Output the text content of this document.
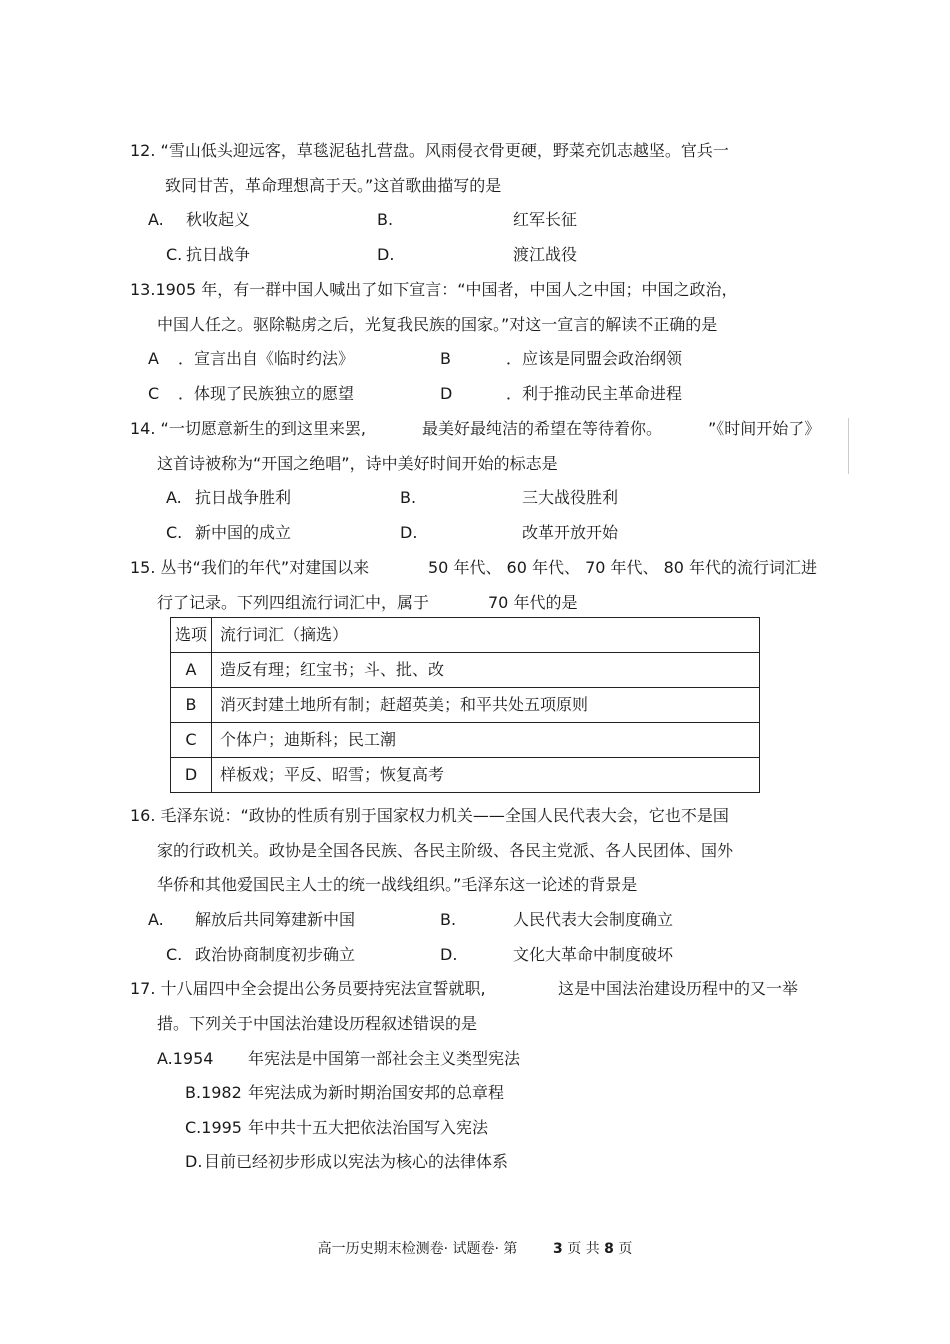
12. “雪山低头迎远客，草毯泥毡扎营盘。风雨侵衣骨更硬，野菜充饥志越坚。官兵一
致同甘苦，革命理想高于天。”这首歌曲描写的是
A. 秋收起义	B.	红军长征
C. 抗日战争	D.	渡江战役
13.1905 年，有一群中国人喊出了如下宣言：“中国者，中国人之中国；中国之政治，
中国人任之。驱除鞑虏之后，光复我民族的国家。”对这一宣言的解读不正确的是
A ．宣言出自《临时约法》	B	．应该是同盟会政治纲领
C ．体现了民族独立的愿望	D	．利于推动民主革命进程
14. “一切愿意新生的到这里来罢,	最美好最纯洁的希望在等待着你。	”《时间开始了》
这首诗被称为“开国之绝唱”，诗中美好时间开始的标志是
A. 抗日战争胜利	B.	三大战役胜利
C. 新中国的成立	D.	改革开放开始
15. 丛书“我们的年代”对建国以来	50 年代、 60 年代、 70 年代、 80 年代的流行词汇进
行了记录。下列四组流行词汇中，属于	70 年代的是
选项	流行词汇（摘选）
A	造反有理；红宝书；斗、批、改
B	消灭封建土地所有制；赶超英美；和平共处五项原则
C	个体户；迪斯科；民工潮
D	样板戏；平反、昭雪；恢复高考
16. 毛泽东说：“政协的性质有别于国家权力机关——全国人民代表大会，它也不是国
家的行政机关。政协是全国各民族、各民主阶级、各民主党派、各人民团体、国外
华侨和其他爱国民主人士的统一战线组织。”毛泽东这一论述的背景是
A. 解放后共同筹建新中国	B.	人民代表大会制度确立
C. 政治协商制度初步确立	D.	文化大革命中制度破坏
17. 十八届四中全会提出公务员要持宪法宣誓就职,	这是中国法治建设历程中的又一举
措。下列关于中国法治建设历程叙述错误的是
A.1954 年宪法是中国第一部社会主义类型宪法
B.1982 年宪法成为新时期治国安邦的总章程
C.1995 年中共十五大把依法治国写入宪法
D. 目前已经初步形成以宪法为核心的法律体系
高一历史期末检测卷· 试题卷· 第	3 页 共 8 页
